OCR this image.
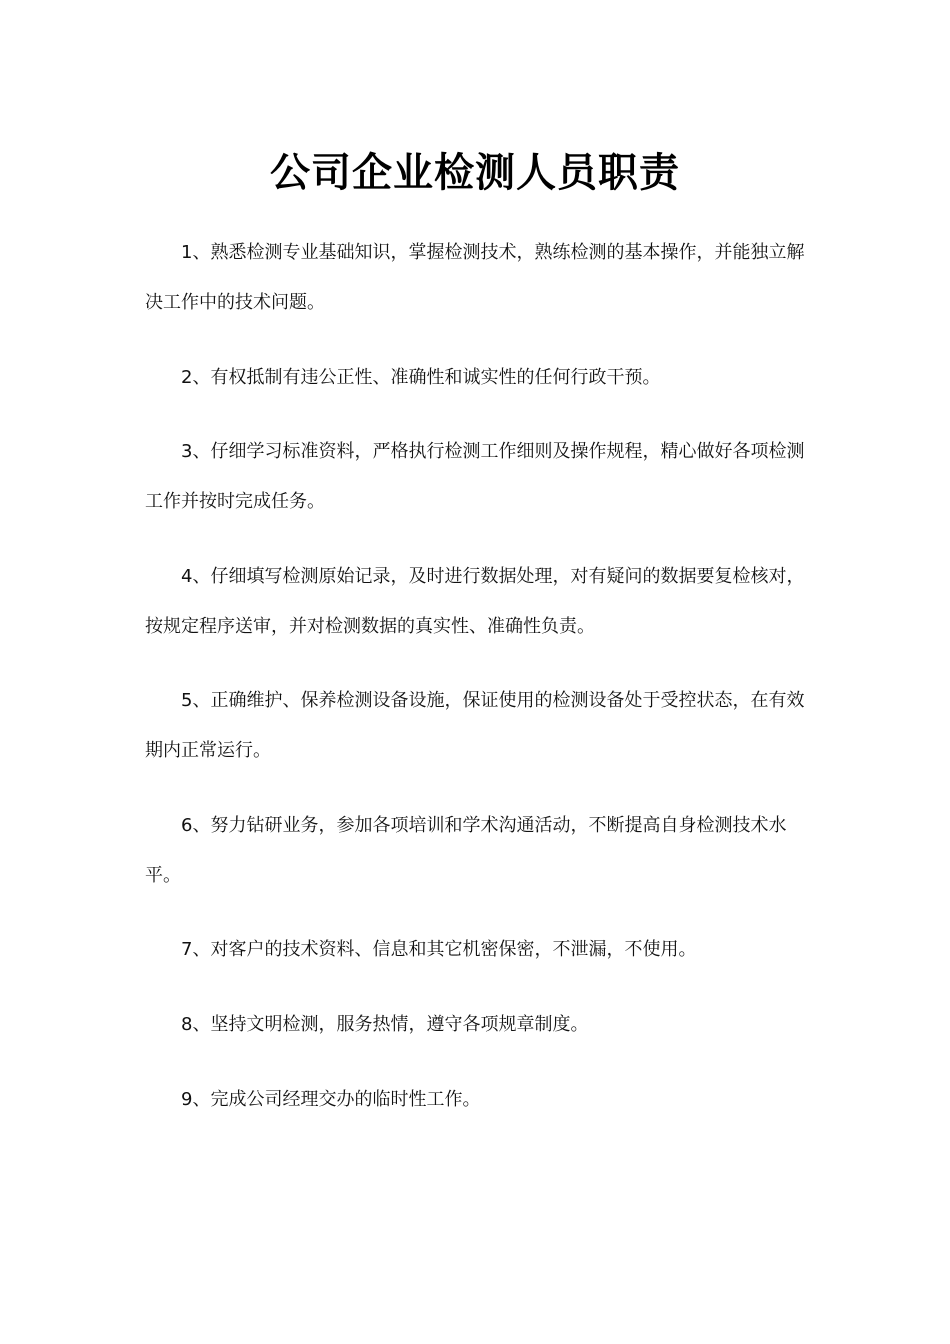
公司企业检测人员职责

1、熟悉检测专业基础知识，掌握检测技术，熟练检测的基本操作，并能独立解决工作中的技术问题。

2、有权抵制有违公正性、准确性和诚实性的任何行政干预。

3、仔细学习标准资料，严格执行检测工作细则及操作规程，精心做好各项检测工作并按时完成任务。

4、仔细填写检测原始记录，及时进行数据处理，对有疑问的数据要复检核对，按规定程序送审，并对检测数据的真实性、准确性负责。

5、正确维护、保养检测设备设施，保证使用的检测设备处于受控状态，在有效期内正常运行。

6、努力钻研业务，参加各项培训和学术沟通活动，不断提高自身检测技术水平。

7、对客户的技术资料、信息和其它机密保密，不泄漏，不使用。

8、坚持文明检测，服务热情，遵守各项规章制度。

9、完成公司经理交办的临时性工作。
